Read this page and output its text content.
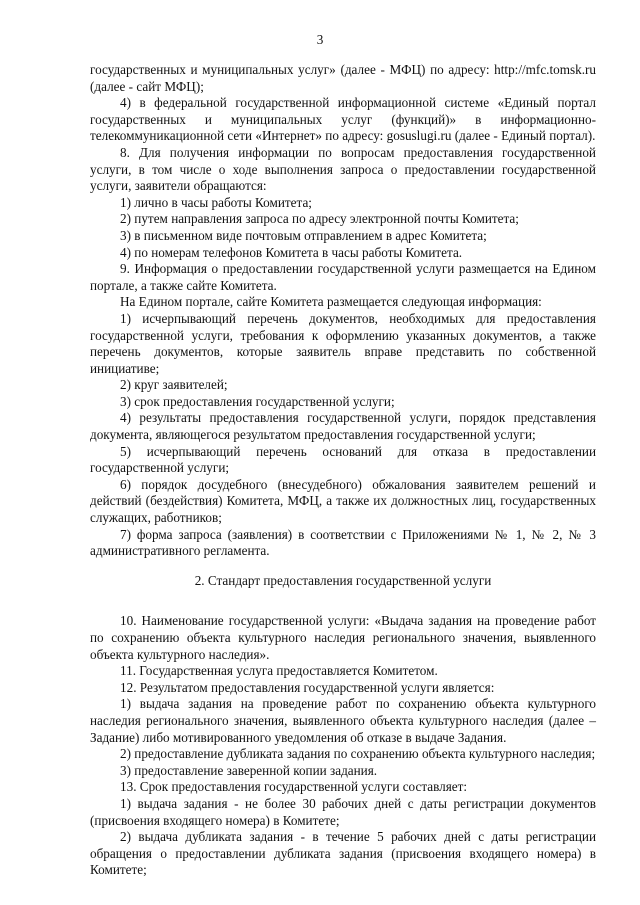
3

государственных и муниципальных услуг» (далее - МФЦ) по адресу: http://mfc.tomsk.ru (далее - сайт МФЦ);

4) в федеральной государственной информационной системе «Единый портал государственных и муниципальных услуг (функций)» в информационно-телекоммуникационной сети «Интернет» по адресу: gosuslugi.ru (далее - Единый портал).

8. Для получения информации по вопросам предоставления государственной услуги, в том числе о ходе выполнения запроса о предоставлении государственной услуги, заявители обращаются:

1) лично в часы работы Комитета;

2) путем направления запроса по адресу электронной почты Комитета;

3) в письменном виде почтовым отправлением в адрес Комитета;

4) по номерам телефонов Комитета в часы работы Комитета.

9. Информация о предоставлении государственной услуги размещается на Едином портале, а также сайте Комитета.

На Едином портале, сайте Комитета размещается следующая информация:

1) исчерпывающий перечень документов, необходимых для предоставления государственной услуги, требования к оформлению указанных документов, а также перечень документов, которые заявитель вправе представить по собственной инициативе;

2) круг заявителей;

3) срок предоставления государственной услуги;

4) результаты предоставления государственной услуги, порядок представления документа, являющегося результатом предоставления государственной услуги;

5) исчерпывающий перечень оснований для отказа в предоставлении государственной услуги;

6) порядок досудебного (внесудебного) обжалования заявителем решений и действий (бездействия) Комитета, МФЦ, а также их должностных лиц, государственных служащих, работников;

7) форма запроса (заявления) в соответствии с Приложениями № 1, № 2, № 3 административного регламента.

2. Стандарт предоставления государственной услуги

10. Наименование государственной услуги: «Выдача задания на проведение работ по сохранению объекта культурного наследия регионального значения, выявленного объекта культурного наследия».

11. Государственная услуга предоставляется Комитетом.

12. Результатом предоставления государственной услуги является:

1) выдача задания на проведение работ по сохранению объекта культурного наследия регионального значения, выявленного объекта культурного наследия (далее – Задание) либо мотивированного уведомления об отказе в выдаче Задания.

2) предоставление дубликата задания по сохранению объекта культурного наследия;

3) предоставление заверенной копии задания.

13. Срок предоставления государственной услуги составляет:

1) выдача задания - не более 30 рабочих дней с даты регистрации документов (присвоения входящего номера) в Комитете;

2) выдача дубликата задания - в течение 5 рабочих дней с даты регистрации обращения о предоставлении дубликата задания (присвоения входящего номера) в Комитете;
